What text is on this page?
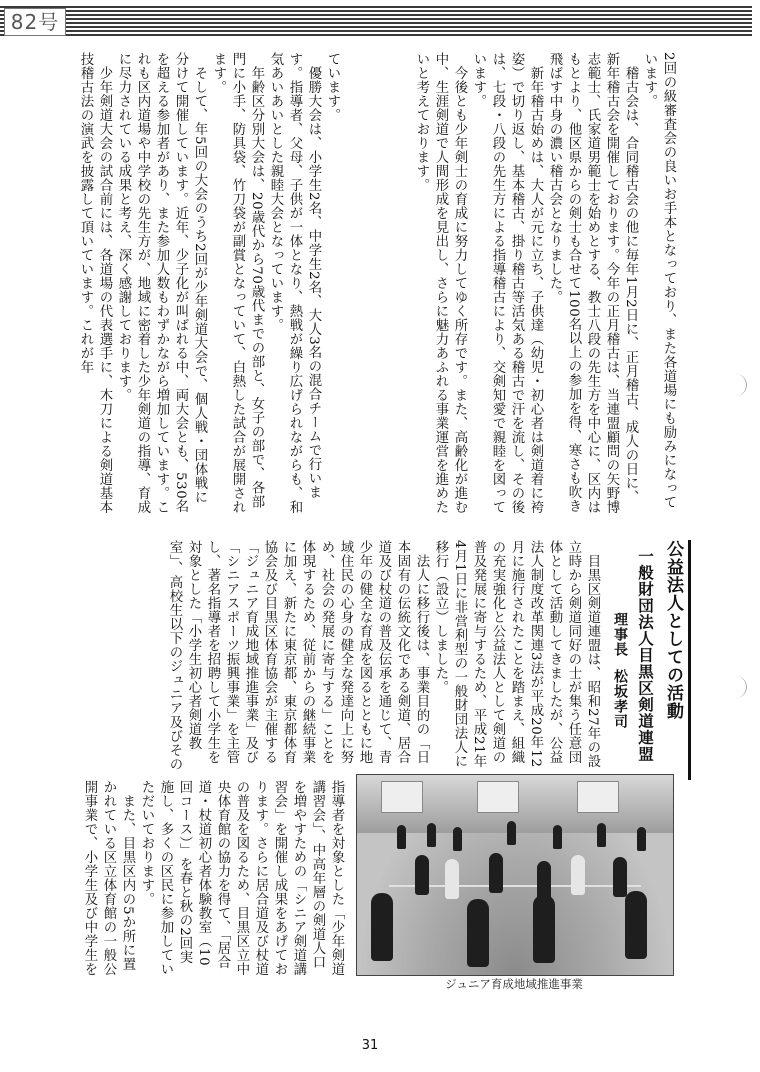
82号
2回の級審査会の良いお手本となっており、また各道場にも励みになっています。
　稽古会は、合同稽古会の他に毎年1月2日に、正月稽古、成人の日に、新年稽古会を開催しております。今年の正月稽古は、当連盟顧問の矢野博志範士、氏家道男範士を始めとする、教士八段の先生方を中心に、区内はもとより、他区県からの剣士も合せて100名以上の参加を得、寒さも吹き飛ばす中身の濃い稽古会となりました。
　新年稽古始めは、大人が元に立ち、子供達（幼児・初心者は剣道着に袴姿）で切り返し、基本稽古、掛り稽古等活気ある稽古で汗を流し、その後は、七段・八段の先生方による指導稽古により、交剣知愛で親睦を図っています。
　今後とも少年剣士の育成に努力してゆく所存です。また、高齢化が進む中、生涯剣道で人間形成を見出し、さらに魅力あふれる事業運営を進めたいと考えております。
ています。
　優勝大会は、小学生2名、中学生2名、大人3名の混合チームで行います。指導者、父母、子供が一体となり、熱戦が繰り広げられながらも、和気あいあいとした親睦大会となっています。
　年齢区分別大会は、20歳代から70歳代までの部と、女子の部で、各部門に小手、防具袋、竹刀袋が副賞となっていて、白熱した試合が展開されます。
　そして、年5回の大会のうち2回が少年剣道大会で、個人戦・団体戦に分けて開催しています。近年、少子化が叫ばれる中、両大会とも、530名を超える参加者があり、また参加人数もわずかながら増加しています。これも区内道場や中学校の先生方が、地域に密着した少年剣道の指導、育成に尽力されている成果と考え、深く感謝しております。
　少年剣道大会の試合前には、各道場の代表選手に、木刀による剣道基本技稽古法の演武を披露して頂いています。これが年
公益法人としての活動
一般財団法人目黒区剣道連盟
理事長松坂孝司
　目黒区剣道連盟は、昭和27年の設立時から剣道同好の士が集う任意団体として活動してきましたが、公益法人制度改革関連3法が平成20年12月に施行されたことを踏まえ、組織の充実強化と公益法人として剣道の普及発展に寄与するため、平成21年4月1日に非営利型の一般財団法人に移行（設立）しました。
　法人に移行後は、事業目的の「日本固有の伝統文化である剣道、居合道及び杖道の普及伝承を通じて、青少年の健全な育成を図るとともに地域住民の心身の健全な発達向上に努め、社会の発展に寄与する」ことを体現するため、従前からの継続事業に加え、新たに東京都、東京都体育協会及び目黒区体育協会が主催する「ジュニア育成地域推進事業」及び「シニアスポーツ振興事業」を主管し、著名指導者を招聘して小学生を対象とした「小学生初心者剣道教室」、高校生以下のジュニア及びその
ジュニア育成地域推進事業
指導者を対象とした「少年剣道講習会」、中高年層の剣道人口を増やすための「シニア剣道講習会」を開催し成果をあげております。さらに居合道及び杖道の普及を図るため、目黒区立中央体育館の協力を得て、「居合道・杖道初心者体験教室（10回コース）」を春と秋の2回実施し、多くの区民に参加していただいております。
　また、目黒区内の5か所に置かれている区立体育館の一般公開事業で、小学生及び中学生を
31
